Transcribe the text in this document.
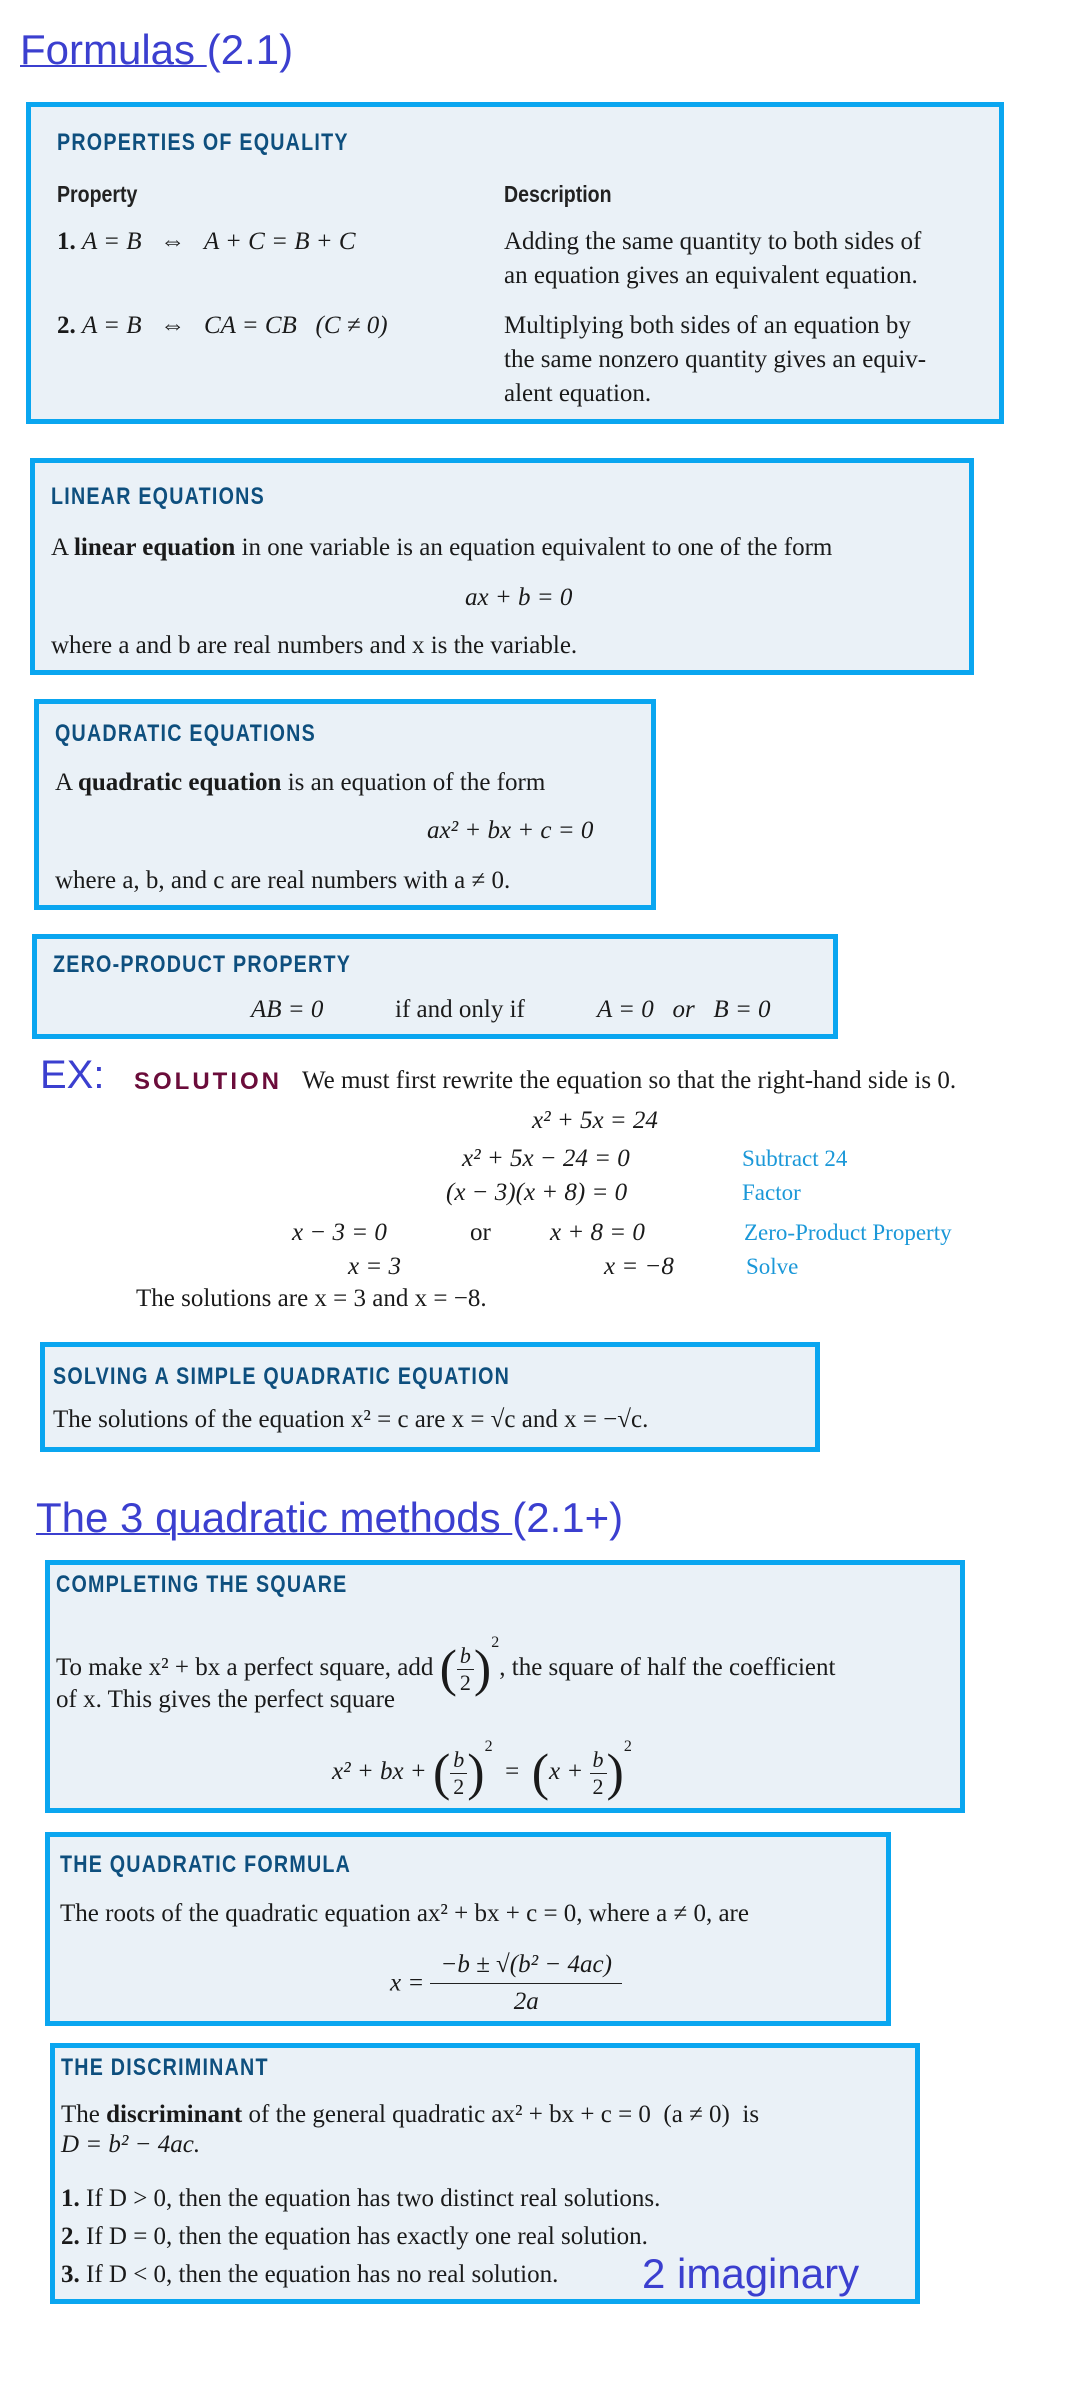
Formulas (2.1)
PROPERTIES OF EQUALITY
Property	Description
1. A = B ⇔ A + C = B + C	Adding the same quantity to both sides of
an equation gives an equivalent equation.
2. A = B ⇔ CA = CB   (C ≠ 0)	Multiplying both sides of an equation by
the same nonzero quantity gives an equiv-
alent equation.
LINEAR EQUATIONS
A linear equation in one variable is an equation equivalent to one of the form
ax + b = 0
where a and b are real numbers and x is the variable.
QUADRATIC EQUATIONS
A quadratic equation is an equation of the form
ax² + bx + c = 0
where a, b, and c are real numbers with a ≠ 0.
ZERO-PRODUCT PROPERTY
AB = 0	if and only if	A = 0   or   B = 0
EX: SOLUTION We must first rewrite the equation so that the right-hand side is 0.
x² + 5x = 24
x² + 5x − 24 = 0	Subtract 24
(x − 3)(x + 8) = 0	Factor
x − 3 = 0	or x + 8 = 0	Zero-Product Property
x = 3	x = −8	Solve
The solutions are x = 3 and x = −8.
SOLVING A SIMPLE QUADRATIC EQUATION
The solutions of the equation x² = c are x = √c and x = −√c.
The 3 quadratic methods (2.1+)
COMPLETING THE SQUARE
To make x² + bx a perfect square, add ( $\frac{b}{2} )^2$, the square of half the coefficient
of x. This gives the perfect square
x² + bx + ( $\frac{b}{2} )^2 = (x + \frac{b}{2} )^2$
THE QUADRATIC FORMULA
The roots of the quadratic equation ax² + bx + c = 0, where a ≠ 0, are
$x = \frac{\text{−b ± √(b² − 4ac)}}{2a}$
THE DISCRIMINANT
The discriminant of the general quadratic ax² + bx + c = 0  (a ≠ 0)  is
D = b² − 4ac.
1. If D > 0, then the equation has two distinct real solutions.
2. If D = 0, then the equation has exactly one real solution.
3. If D < 0, then the equation has no real solution. 2 imaginary
